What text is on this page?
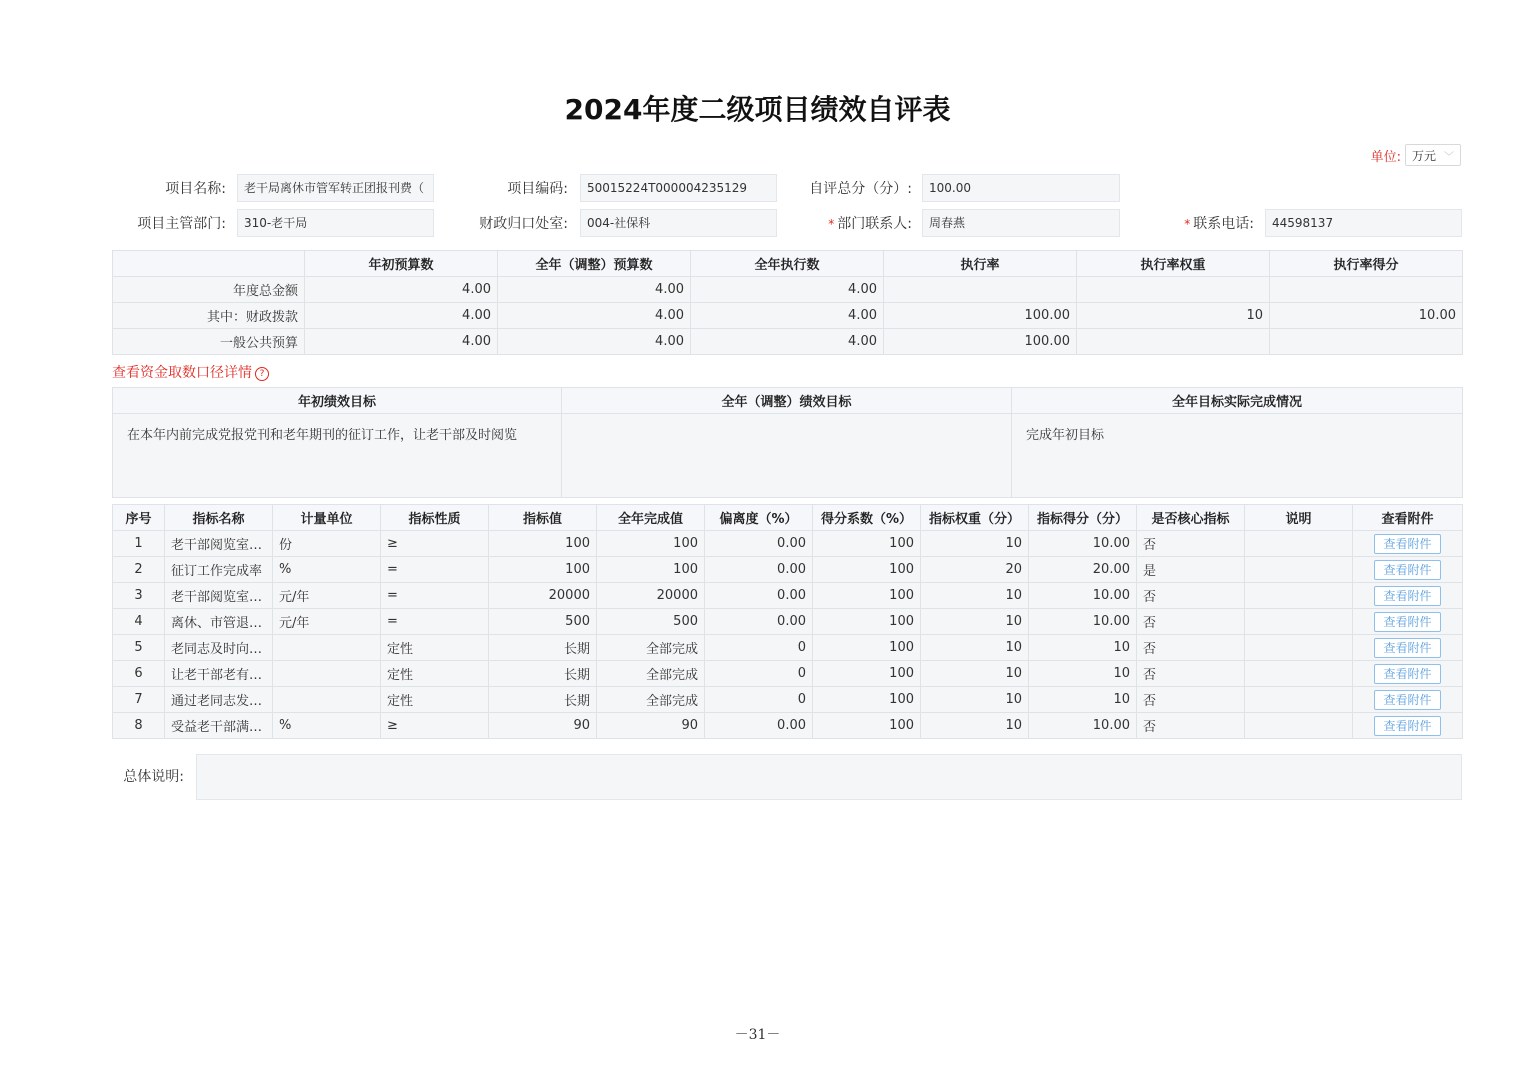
2024年度二级项目绩效自评表
单位: 万元 ﹀
项目名称:	老干局离休市管军转正团报刊费（	项目编码:	50015224T000004235129	自评总分（分）:	100.00
项目主管部门:	310-老干局	财政归口处室:	004-社保科	* 部门联系人:	周春燕	* 联系电话:	44598137
	年初预算数	全年（调整）预算数	全年执行数	执行率	执行率权重	执行率得分
年度总金额	4.00	4.00	4.00			
其中：财政拨款	4.00	4.00	4.00	100.00	10	10.00
一般公共预算	4.00	4.00	4.00	100.00		
查看资金取数口径详情 ?
年初绩效目标	全年（调整）绩效目标	全年目标实际完成情况
在本年内前完成党报党刊和老年期刊的征订工作，让老干部及时阅览		完成年初目标
序号	指标名称	计量单位	指标性质	指标值	全年完成值	偏离度（%）	得分系数（%）	指标权重（分）	指标得分（分）	是否核心指标	说明	查看附件
1	老干部阅览室…	份	≥	100	100	0.00	100	10	10.00	否		查看附件
2	征订工作完成率	%	=	100	100	0.00	100	20	20.00	是		查看附件
3	老干部阅览室…	元/年	=	20000	20000	0.00	100	10	10.00	否		查看附件
4	离休、市管退…	元/年	=	500	500	0.00	100	10	10.00	否		查看附件
5	老同志及时向…		定性	长期	全部完成	0	100	10	10	否		查看附件
6	让老干部老有…		定性	长期	全部完成	0	100	10	10	否		查看附件
7	通过老同志发…		定性	长期	全部完成	0	100	10	10	否		查看附件
8	受益老干部满…	%	≥	90	90	0.00	100	10	10.00	否		查看附件
总体说明:
－31－
